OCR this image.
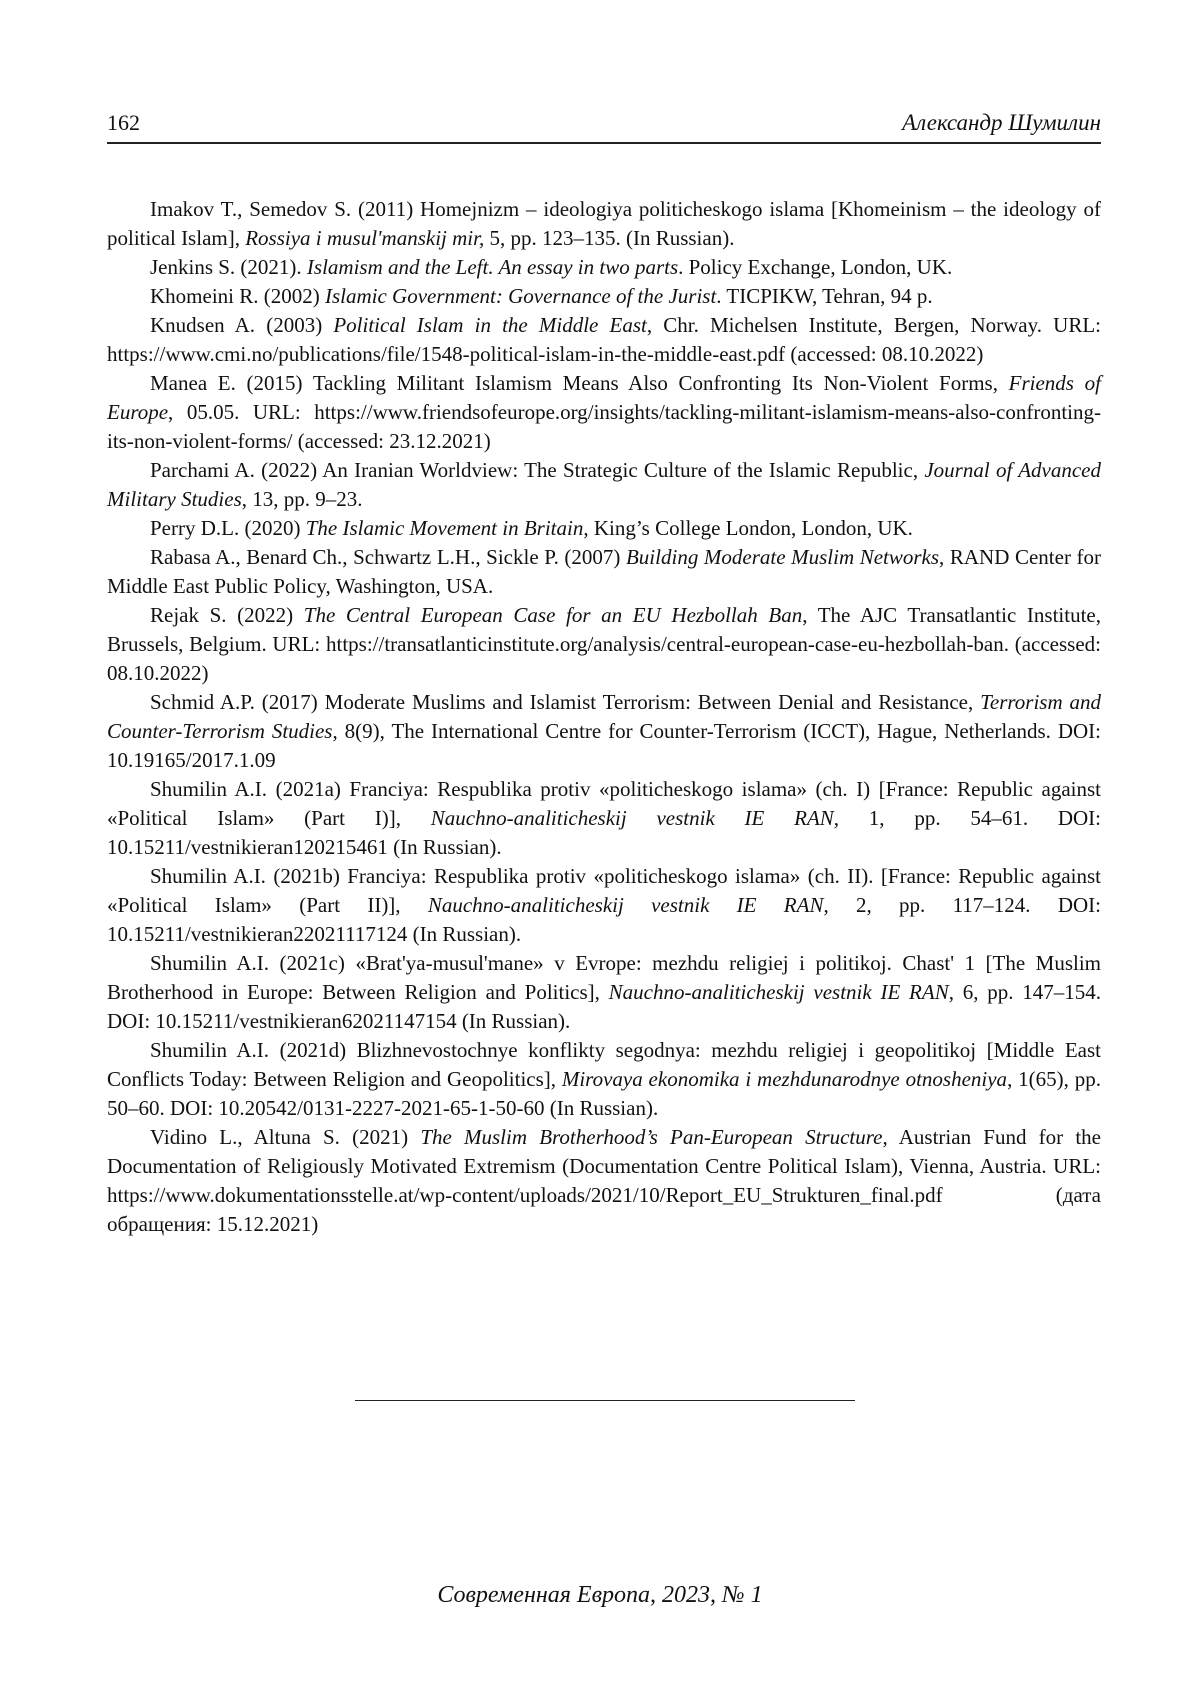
162	Александр Шумилин

Imakov T., Semedov S. (2011) Homejnizm – ideologiya politicheskogo islama [Khomeinism – the ideology of political Islam], Rossiya i musul'manskij mir, 5, pp. 123–135. (In Russian).

Jenkins S. (2021). Islamism and the Left. An essay in two parts. Policy Exchange, London, UK.

Khomeini R. (2002) Islamic Government: Governance of the Jurist. TICPIKW, Tehran, 94 p.

Knudsen A. (2003) Political Islam in the Middle East, Chr. Michelsen Institute, Bergen, Norway. URL: https://www.cmi.no/publications/file/1548-political-islam-in-the-middle-east.pdf (accessed: 08.10.2022)

Manea E. (2015) Tackling Militant Islamism Means Also Confronting Its Non-Violent Forms, Friends of Europe, 05.05. URL: https://www.friendsofeurope.org/insights/tackling-militant-islamism-means-also-confronting-its-non-violent-forms/ (accessed: 23.12.2021)

Parchami A. (2022) An Iranian Worldview: The Strategic Culture of the Islamic Republic, Journal of Advanced Military Studies, 13, pp. 9–23.

Perry D.L. (2020) The Islamic Movement in Britain, King’s College London, London, UK.

Rabasa A., Benard Ch., Schwartz L.H., Sickle P. (2007) Building Moderate Muslim Networks, RAND Center for Middle East Public Policy, Washington, USA.

Rejak S. (2022) The Central European Case for an EU Hezbollah Ban, The AJC Transatlantic Institute, Brussels, Belgium. URL: https://transatlanticinstitute.org/analysis/central-european-case-eu-hezbollah-ban. (accessed: 08.10.2022)

Schmid A.P. (2017) Moderate Muslims and Islamist Terrorism: Between Denial and Resistance, Terrorism and Counter-Terrorism Studies, 8(9), The International Centre for Counter-Terrorism (ICCT), Hague, Netherlands. DOI: 10.19165/2017.1.09

Shumilin A.I. (2021a) Franciya: Respublika protiv «politicheskogo islama» (ch. I) [France: Republic against «Political Islam» (Part I)], Nauchno-analiticheskij vestnik IE RAN, 1, pp. 54–61. DOI: 10.15211/vestnikieran120215461 (In Russian).

Shumilin A.I. (2021b) Franciya: Respublika protiv «politicheskogo islama» (ch. II). [France: Republic against «Political Islam» (Part II)], Nauchno-analiticheskij vestnik IE RAN, 2, pp. 117–124. DOI: 10.15211/vestnikieran22021117124 (In Russian).

Shumilin A.I. (2021c) «Brat'ya-musul'mane» v Evrope: mezhdu religiej i politikoj. Chast' 1 [The Muslim Brotherhood in Europe: Between Religion and Politics], Nauchno-analiticheskij vestnik IE RAN, 6, pp. 147–154. DOI: 10.15211/vestnikieran62021147154 (In Russian).

Shumilin A.I. (2021d) Blizhnevostochnye konflikty segodnya: mezhdu religiej i geopolitikoj [Middle East Conflicts Today: Between Religion and Geopolitics], Mirovaya ekonomika i mezhdunarodnye otnosheniya, 1(65), pp. 50–60. DOI: 10.20542/0131-2227-2021-65-1-50-60 (In Russian).

Vidino L., Altuna S. (2021) The Muslim Brotherhood’s Pan-European Structure, Austrian Fund for the Documentation of Religiously Motivated Extremism (Documentation Centre Political Islam), Vienna, Austria. URL: https://www.dokumentationsstelle.at/wp-content/uploads/2021/10/Report_EU_Strukturen_final.pdf (дата обращения: 15.12.2021)

Современная Европа, 2023, № 1
